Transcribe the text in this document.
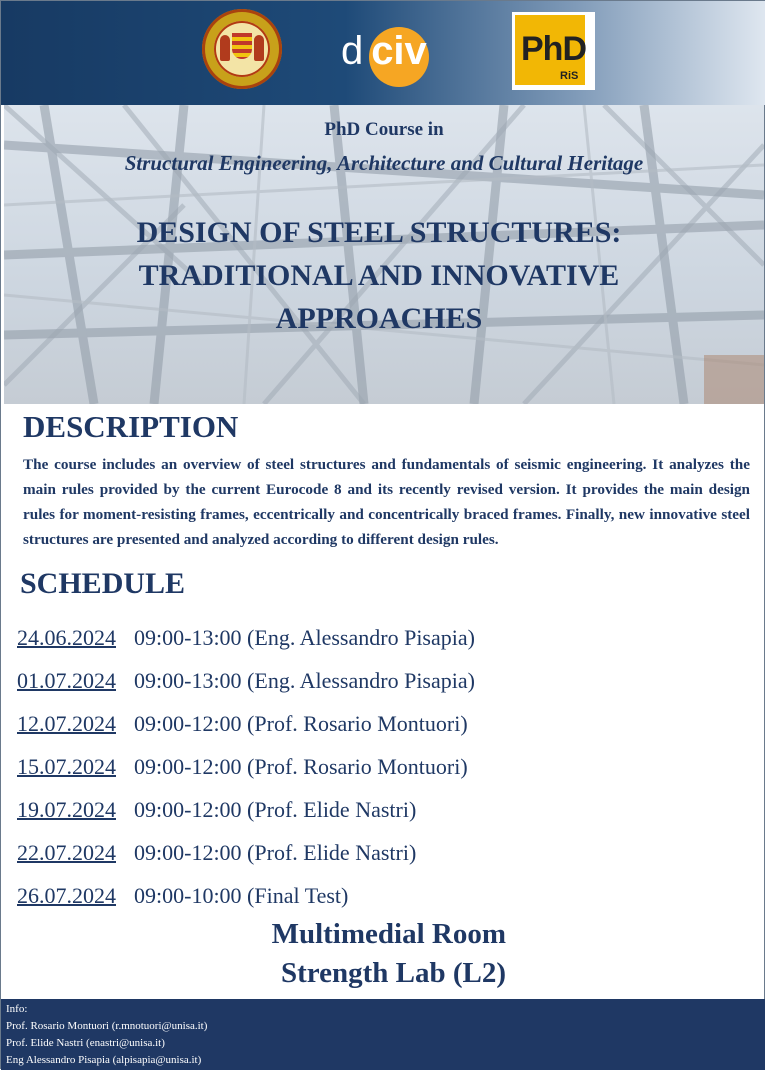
d civ	PhD
RiS
PhD Course in
Structural Engineering, Architecture and Cultural Heritage
DESIGN OF STEEL STRUCTURES:
TRADITIONAL AND INNOVATIVE
APPROACHES
DESCRIPTION
The course includes an overview of steel structures and fundamentals of seismic engineering. It analyzes the main rules provided by the current Eurocode 8 and its recently revised version. It provides the main design rules for moment-resisting frames, eccentrically and concentrically braced frames. Finally, new innovative steel structures are presented and analyzed according to different design rules.
SCHEDULE
24.06.2024 09:00-13:00 (Eng. Alessandro Pisapia)
01.07.2024 09:00-13:00 (Eng. Alessandro Pisapia)
12.07.2024 09:00-12:00 (Prof. Rosario Montuori)
15.07.2024 09:00-12:00 (Prof. Rosario Montuori)
19.07.2024 09:00-12:00 (Prof. Elide Nastri)
22.07.2024 09:00-12:00 (Prof. Elide Nastri)
26.07.2024 09:00-10:00 (Final Test)
Multimedial Room
Strength Lab (L2)
Info:
Prof. Rosario Montuori (r.mnotuori@unisa.it)
Prof. Elide Nastri (enastri@unisa.it)
Eng Alessandro Pisapia (alpisapia@unisa.it)
